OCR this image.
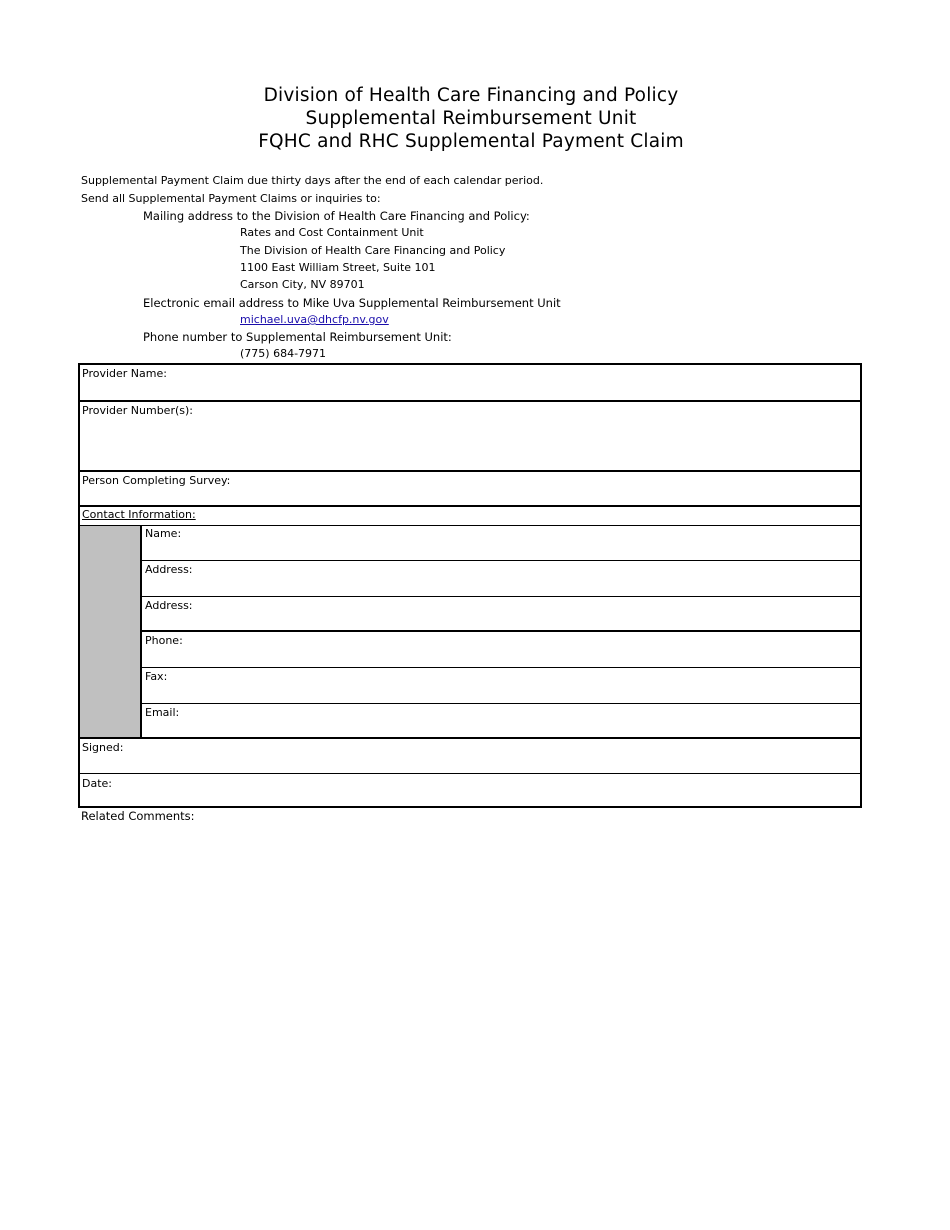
Division of Health Care Financing and Policy
Supplemental Reimbursement Unit
FQHC and RHC Supplemental Payment Claim
Supplemental Payment Claim due thirty days after the end of each calendar period.
Send all Supplemental Payment Claims or inquiries to:
Mailing address to the Division of Health Care Financing and Policy:
Rates and Cost Containment Unit
The Division of Health Care Financing and Policy
1100 East William Street, Suite 101
Carson City, NV 89701
Electronic email address to Mike Uva Supplemental Reimbursement Unit
michael.uva@dhcfp.nv.gov
Phone number to Supplemental Reimbursement Unit:
(775) 684-7971
Provider Name:
Provider Number(s):
Person Completing Survey:
Contact Information:
Name:
Address:
Address:
Phone:
Fax:
Email:
Signed:
Date:
Related Comments:
